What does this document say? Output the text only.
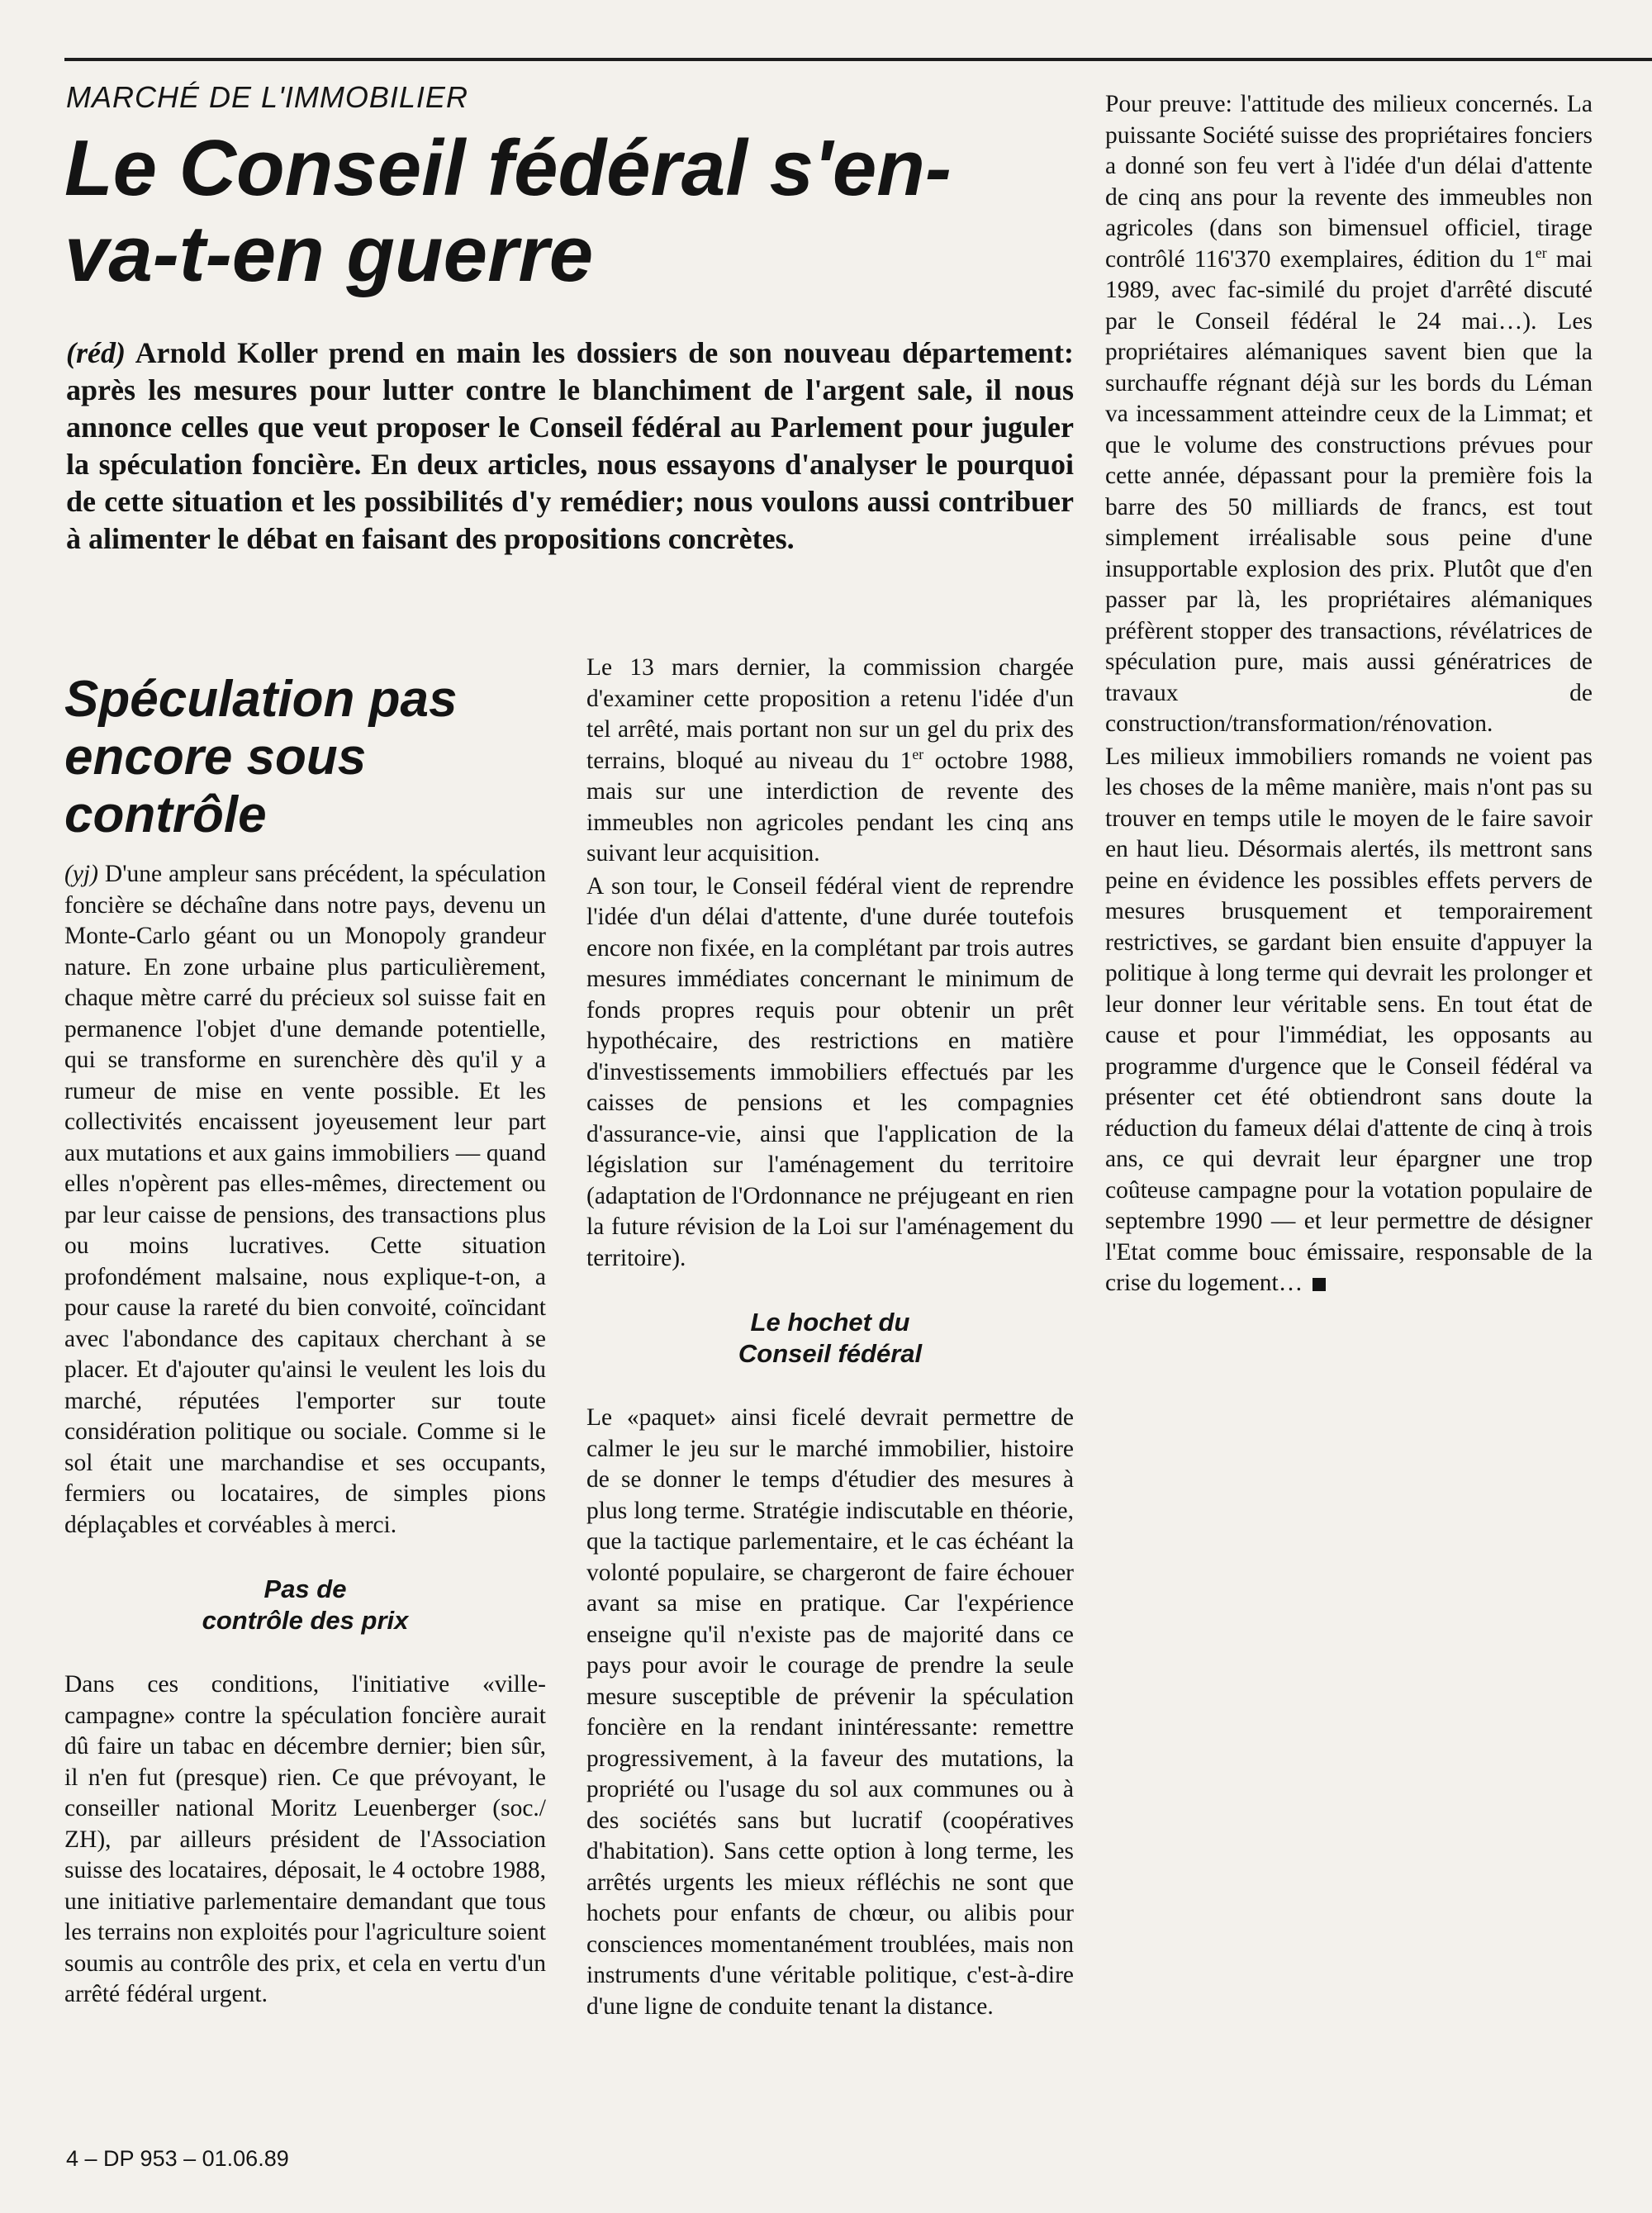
MARCHÉ DE L'IMMOBILIER
Le Conseil fédéral s'en-
va-t-en guerre

(réd) Arnold Koller prend en main les dossiers de son nouveau département: après les mesures pour lutter contre le blanchiment de l'argent sale, il nous annonce celles que veut proposer le Conseil fédéral au Parlement pour juguler la spéculation foncière. En deux articles, nous essayons d'analyser le pourquoi de cette situation et les possibilités d'y remédier; nous voulons aussi contribuer à alimenter le débat en faisant des propositions concrètes.

Spéculation pas
encore sous
contrôle

(yj) D'une ampleur sans précédent, la spéculation foncière se déchaîne dans notre pays, devenu un Monte-Carlo géant ou un Monopoly grandeur nature. En zone urbaine plus particulièrement, chaque mètre carré du précieux sol suisse fait en permanence l'objet d'une demande potentielle, qui se transforme en surenchère dès qu'il y a rumeur de mise en vente possible. Et les collectivités encaissent joyeusement leur part aux mutations et aux gains immobiliers — quand elles n'opèrent pas elles-mêmes, directement ou par leur caisse de pensions, des transactions plus ou moins lucratives. Cette situation profondément malsaine, nous explique-t-on, a pour cause la rareté du bien convoité, coïncidant avec l'abondance des capitaux cherchant à se placer. Et d'ajouter qu'ainsi le veulent les lois du marché, réputées l'emporter sur toute considération politique ou sociale. Comme si le sol était une marchandise et ses occupants, fermiers ou locataires, de simples pions déplaçables et corvéables à merci.

Pas de
contrôle des prix

Dans ces conditions, l'initiative «ville-campagne» contre la spéculation foncière aurait dû faire un tabac en décembre dernier; bien sûr, il n'en fut (presque) rien. Ce que prévoyant, le conseiller national Moritz Leuenberger (soc./ ZH), par ailleurs président de l'Association suisse des locataires, déposait, le 4 octobre 1988, une initiative parlementaire demandant que tous les terrains non exploités pour l'agriculture soient soumis au contrôle des prix, et cela en vertu d'un arrêté fédéral urgent.

Le 13 mars dernier, la commission chargée d'examiner cette proposition a retenu l'idée d'un tel arrêté, mais portant non sur un gel du prix des terrains, bloqué au niveau du 1er octobre 1988, mais sur une interdiction de revente des immeubles non agricoles pendant les cinq ans suivant leur acquisition.

A son tour, le Conseil fédéral vient de reprendre l'idée d'un délai d'attente, d'une durée toutefois encore non fixée, en la complétant par trois autres mesures immédiates concernant le minimum de fonds propres requis pour obtenir un prêt hypothécaire, des restrictions en matière d'investissements immobiliers effectués par les caisses de pensions et les compagnies d'assurance-vie, ainsi que l'application de la législation sur l'aménagement du territoire (adaptation de l'Ordonnance ne préjugeant en rien la future révision de la Loi sur l'aménagement du territoire).

Le hochet du
Conseil fédéral

Le «paquet» ainsi ficelé devrait permettre de calmer le jeu sur le marché immobilier, histoire de se donner le temps d'étudier des mesures à plus long terme. Stratégie indiscutable en théorie, que la tactique parlementaire, et le cas échéant la volonté populaire, se chargeront de faire échouer avant sa mise en pratique. Car l'expérience enseigne qu'il n'existe pas de majorité dans ce pays pour avoir le courage de prendre la seule mesure susceptible de prévenir la spéculation foncière en la rendant inintéressante: remettre progressivement, à la faveur des mutations, la propriété ou l'usage du sol aux communes ou à des sociétés sans but lucratif (coopératives d'habitation). Sans cette option à long terme, les arrêtés urgents les mieux réfléchis ne sont que hochets pour enfants de chœur, ou alibis pour consciences momentanément troublées, mais non instruments d'une véritable politique, c'est-à-dire d'une ligne de conduite tenant la distance.

Pour preuve: l'attitude des milieux concernés. La puissante Société suisse des propriétaires fonciers a donné son feu vert à l'idée d'un délai d'attente de cinq ans pour la revente des immeubles non agricoles (dans son bimensuel officiel, tirage contrôlé 116'370 exemplaires, édition du 1er mai 1989, avec fac-similé du projet d'arrêté discuté par le Conseil fédéral le 24 mai…). Les propriétaires alémaniques savent bien que la surchauffe régnant déjà sur les bords du Léman va incessamment atteindre ceux de la Limmat; et que le volume des constructions prévues pour cette année, dépassant pour la première fois la barre des 50 milliards de francs, est tout simplement irréalisable sous peine d'une insupportable explosion des prix. Plutôt que d'en passer par là, les propriétaires alémaniques préfèrent stopper des transactions, révélatrices de spéculation pure, mais aussi génératrices de travaux de construction/transformation/rénovation.

Les milieux immobiliers romands ne voient pas les choses de la même manière, mais n'ont pas su trouver en temps utile le moyen de le faire savoir en haut lieu. Désormais alertés, ils mettront sans peine en évidence les possibles effets pervers de mesures brusquement et temporairement restrictives, se gardant bien ensuite d'appuyer la politique à long terme qui devrait les prolonger et leur donner leur véritable sens. En tout état de cause et pour l'immédiat, les opposants au programme d'urgence que le Conseil fédéral va présenter cet été obtiendront sans doute la réduction du fameux délai d'attente de cinq à trois ans, ce qui devrait leur épargner une trop coûteuse campagne pour la votation populaire de septembre 1990 — et leur permettre de désigner l'Etat comme bouc émissaire, responsable de la crise du logement…

4 – DP 953 – 01.06.89
